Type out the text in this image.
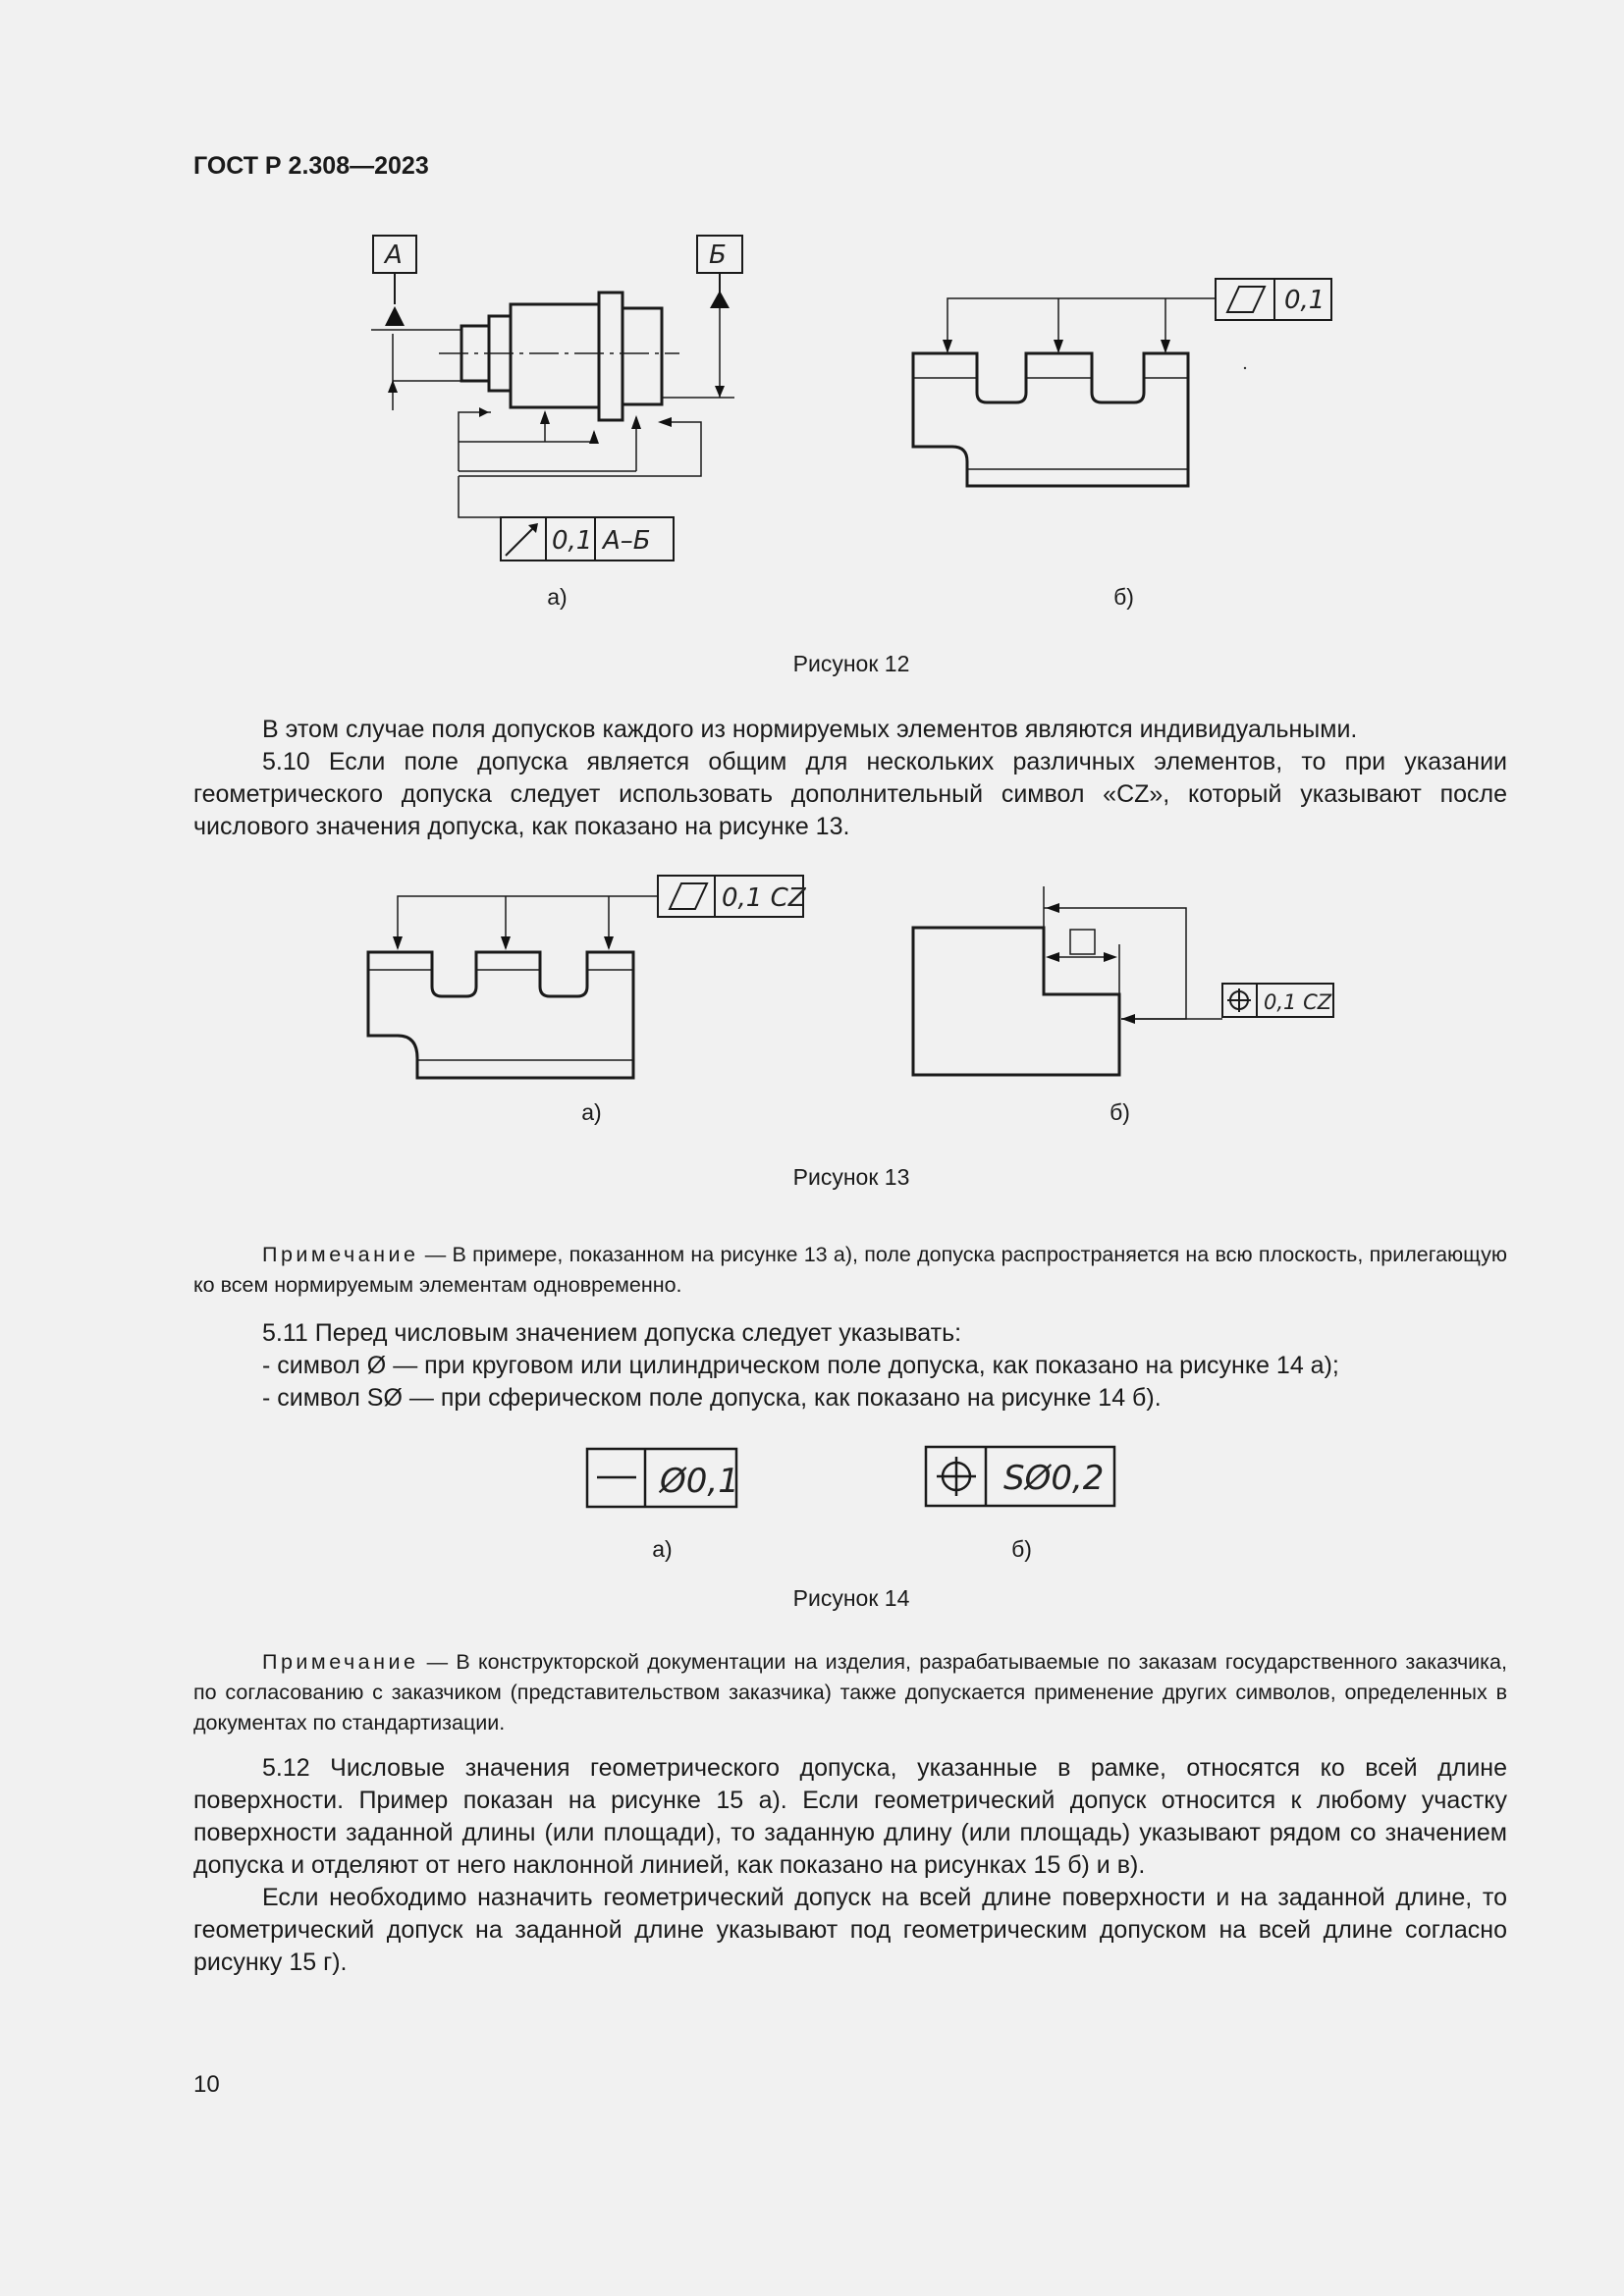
ГОСТ Р 2.308—2023
А	Б
0,1 А–Б
0,1
а)	б)
Рисунок 12
В этом случае поля допусков каждого из нормируемых элементов являются индивидуальными.
5.10 Если поле допуска является общим для нескольких различных элементов, то при указании геометрического допуска следует использовать дополнительный символ «CZ», который указывают после числового значения допуска, как показано на рисунке 13.
0,1 CZ
0,1 CZ
а)	б)
Рисунок 13
Примечание — В примере, показанном на рисунке 13 а), поле допуска распространяется на всю плоскость, прилегающую ко всем нормируемым элементам одновременно.
5.11 Перед числовым значением допуска следует указывать:
- символ Ø — при круговом или цилиндрическом поле допуска, как показано на рисунке 14 а);
- символ SØ — при сферическом поле допуска, как показано на рисунке 14 б).
Ø0,1	SØ0,2
а)	б)
Рисунок 14
Примечание — В конструкторской документации на изделия, разрабатываемые по заказам государственного заказчика, по согласованию с заказчиком (представительством заказчика) также допускается применение других символов, определенных в документах по стандартизации.
5.12 Числовые значения геометрического допуска, указанные в рамке, относятся ко всей длине поверхности. Пример показан на рисунке 15 а). Если геометрический допуск относится к любому участку поверхности заданной длины (или площади), то заданную длину (или площадь) указывают рядом со значением допуска и отделяют от него наклонной линией, как показано на рисунках 15 б) и в).
Если необходимо назначить геометрический допуск на всей длине поверхности и на заданной длине, то геометрический допуск на заданной длине указывают под геометрическим допуском на всей длине согласно рисунку 15 г).
10
